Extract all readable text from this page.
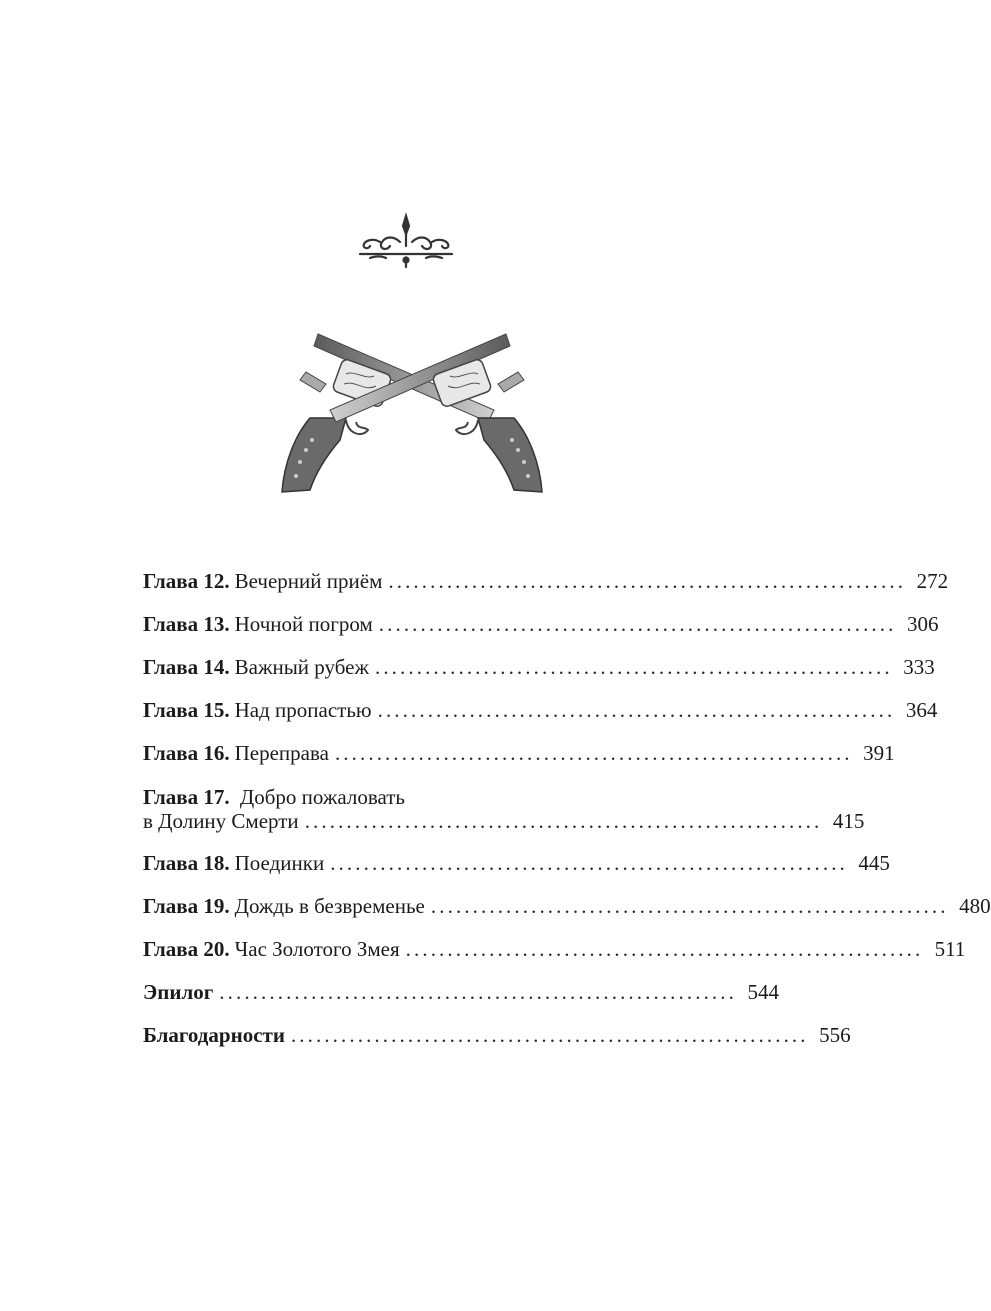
Глава 12. Вечерний приём .............................................................. 272
Глава 13. Ночной погром .............................................................. 306
Глава 14. Важный рубеж .............................................................. 333
Глава 15. Над пропастью .............................................................. 364
Глава 16. Переправа .............................................................. 391
Глава 17. Добро пожаловать
в Долину Смерти .............................................................. 415
Глава 18. Поединки .............................................................. 445
Глава 19. Дождь в безвременье .............................................................. 480
Глава 20. Час Золотого Змея .............................................................. 511
Эпилог .............................................................. 544
Благодарности .............................................................. 556
